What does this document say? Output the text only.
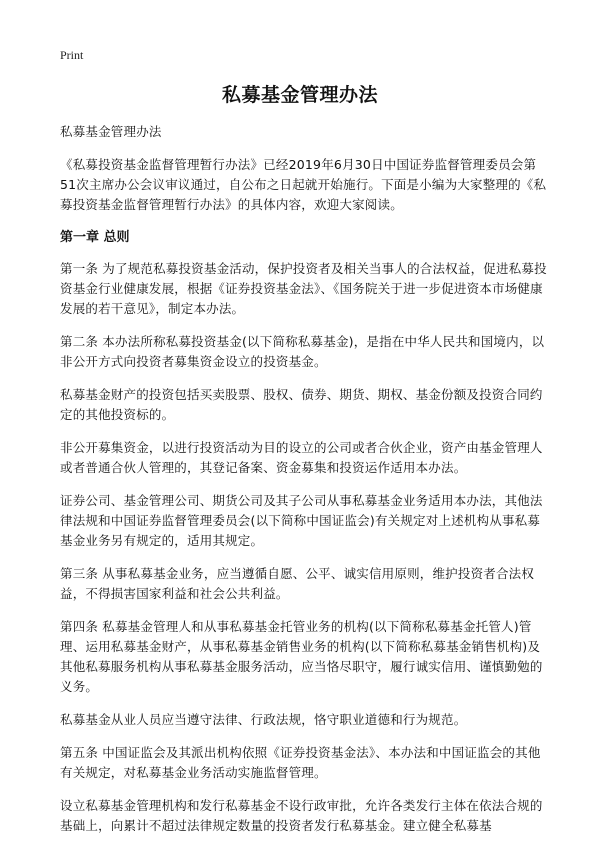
Print
私募基金管理办法

私募基金管理办法

《私募投资基金监督管理暂行办法》已经2019年6月30日中国证券监督管理委员会第51次主席办公会议审议通过，自公布之日起就开始施行。下面是小编为大家整理的《私募投资基金监督管理暂行办法》的具体内容，欢迎大家阅读。

第一章 总则

第一条 为了规范私募投资基金活动，保护投资者及相关当事人的合法权益，促进私募投资基金行业健康发展，根据《证券投资基金法》、《国务院关于进一步促进资本市场健康发展的若干意见》，制定本办法。

第二条 本办法所称私募投资基金(以下简称私募基金)，是指在中华人民共和国境内，以非公开方式向投资者募集资金设立的投资基金。

私募基金财产的投资包括买卖股票、股权、债券、期货、期权、基金份额及投资合同约定的其他投资标的。

非公开募集资金，以进行投资活动为目的设立的公司或者合伙企业，资产由基金管理人或者普通合伙人管理的，其登记备案、资金募集和投资运作适用本办法。

证券公司、基金管理公司、期货公司及其子公司从事私募基金业务适用本办法，其他法律法规和中国证券监督管理委员会(以下简称中国证监会)有关规定对上述机构从事私募基金业务另有规定的，适用其规定。

第三条 从事私募基金业务，应当遵循自愿、公平、诚实信用原则，维护投资者合法权益，不得损害国家利益和社会公共利益。

第四条 私募基金管理人和从事私募基金托管业务的机构(以下简称私募基金托管人)管理、运用私募基金财产，从事私募基金销售业务的机构(以下简称私募基金销售机构)及其他私募服务机构从事私募基金服务活动，应当恪尽职守，履行诚实信用、谨慎勤勉的义务。

私募基金从业人员应当遵守法律、行政法规，恪守职业道德和行为规范。

第五条 中国证监会及其派出机构依照《证券投资基金法》、本办法和中国证监会的其他有关规定，对私募基金业务活动实施监督管理。

设立私募基金管理机构和发行私募基金不设行政审批，允许各类发行主体在依法合规的基础上，向累计不超过法律规定数量的投资者发行私募基金。建立健全私募基
